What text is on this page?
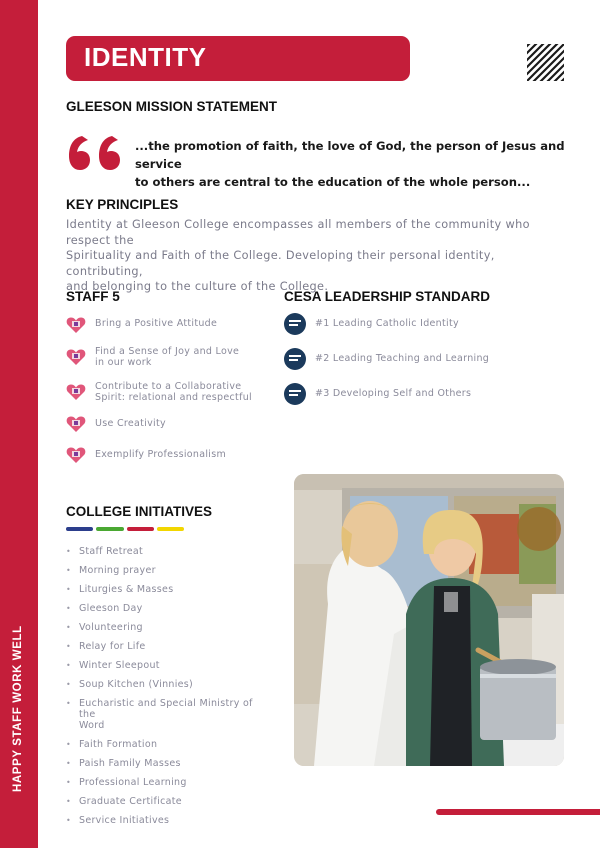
HAPPY STAFF WORK WELL
IDENTITY
GLEESON MISSION STATEMENT
...the promotion of faith, the love of God, the person of Jesus and service
to others are central to the education of the whole person...
KEY PRINCIPLES
Identity at Gleeson College encompasses all members of the community who respect the
Spirituality and Faith of the College. Developing their personal identity, contributing,
and belonging to the culture of the College.
STAFF 5
Bring a Positive Attitude
Find a Sense of Joy and Love
in our work
Contribute to a Collaborative
Spirit: relational and respectful
Use Creativity
Exemplify Professionalism
CESA LEADERSHIP STANDARD
#1 Leading Catholic Identity
#2 Leading Teaching and Learning
#3 Developing Self and Others
COLLEGE INITIATIVES
• Staff Retreat
• Morning prayer
• Liturgies & Masses
• Gleeson Day
• Volunteering
• Relay for Life
• Winter Sleepout
• Soup Kitchen (Vinnies)
• Eucharistic and Special Ministry of the
Word
• Faith Formation
• Paish Family Masses
• Professional Learning
• Graduate Certificate
• Service Initiatives
